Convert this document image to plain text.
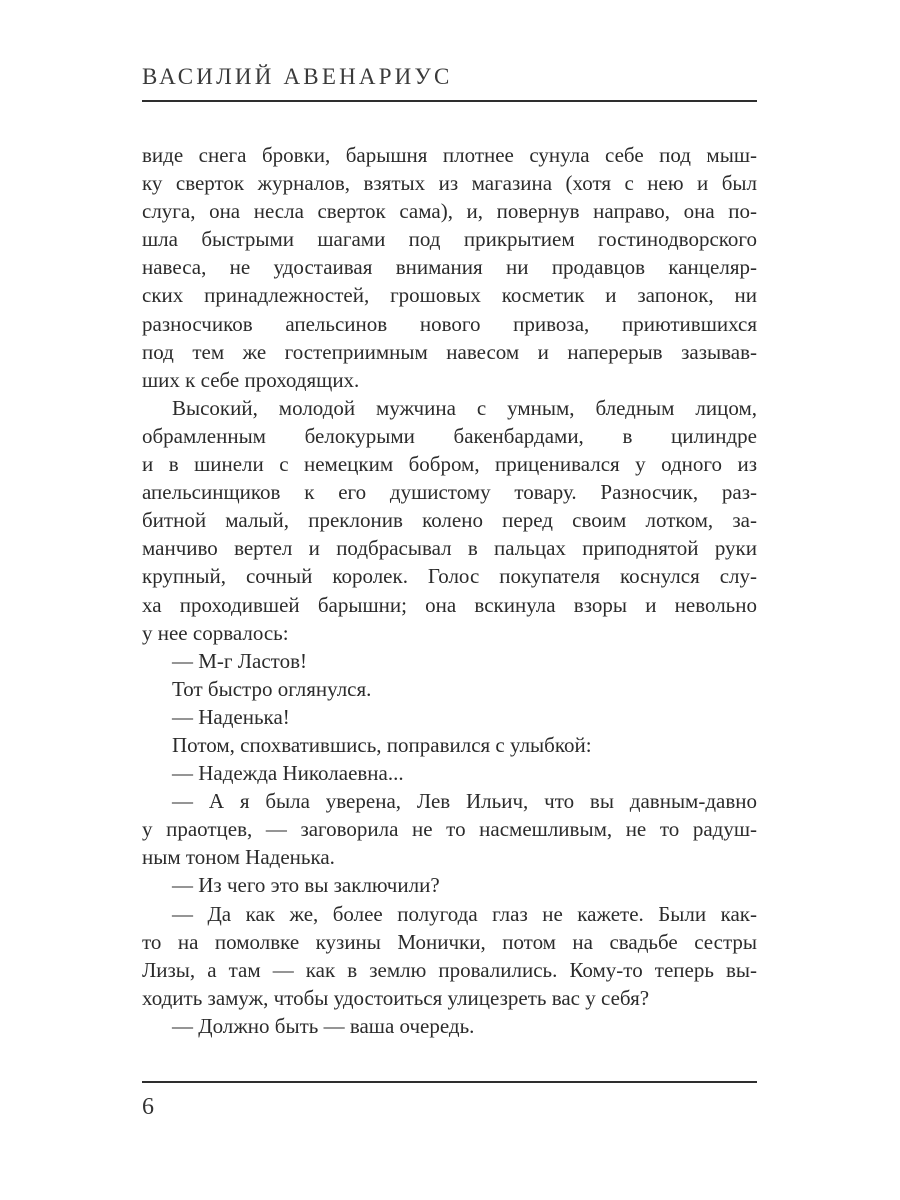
ВАСИЛИЙ АВЕНАРИУС
виде снега бровки, барышня плотнее сунула себе под мыш-
ку сверток журналов, взятых из магазина (хотя с нею и был
слуга, она несла сверток сама), и, повернув направо, она по-
шла быстрыми шагами под прикрытием гостинодворского
навеса, не удостаивая внимания ни продавцов канцеляр-
ских принадлежностей, грошовых косметик и запонок, ни
разносчиков апельсинов нового привоза, приютившихся
под тем же гостеприимным навесом и наперерыв зазывав-
ших к себе проходящих.
Высокий, молодой мужчина с умным, бледным лицом,
обрамленным белокурыми бакенбардами, в цилиндре
и в шинели с немецким бобром, приценивался у одного из
апельсинщиков к его душистому товару. Разносчик, раз-
битной малый, преклонив колено перед своим лотком, за-
манчиво вертел и подбрасывал в пальцах приподнятой руки
крупный, сочный королек. Голос покупателя коснулся слу-
ха проходившей барышни; она вскинула взоры и невольно
у нее сорвалось:
— М-г Ластов!
Тот быстро оглянулся.
— Наденька!
Потом, спохватившись, поправился с улыбкой:
— Надежда Николаевна...
— А я была уверена, Лев Ильич, что вы давным-давно
у праотцев, — заговорила не то насмешливым, не то радуш-
ным тоном Наденька.
— Из чего это вы заключили?
— Да как же, более полугода глаз не кажете. Были как-
то на помолвке кузины Монички, потом на свадьбе сестры
Лизы, а там — как в землю провалились. Кому-то теперь вы-
ходить замуж, чтобы удостоиться улицезреть вас у себя?
— Должно быть — ваша очередь.
6
